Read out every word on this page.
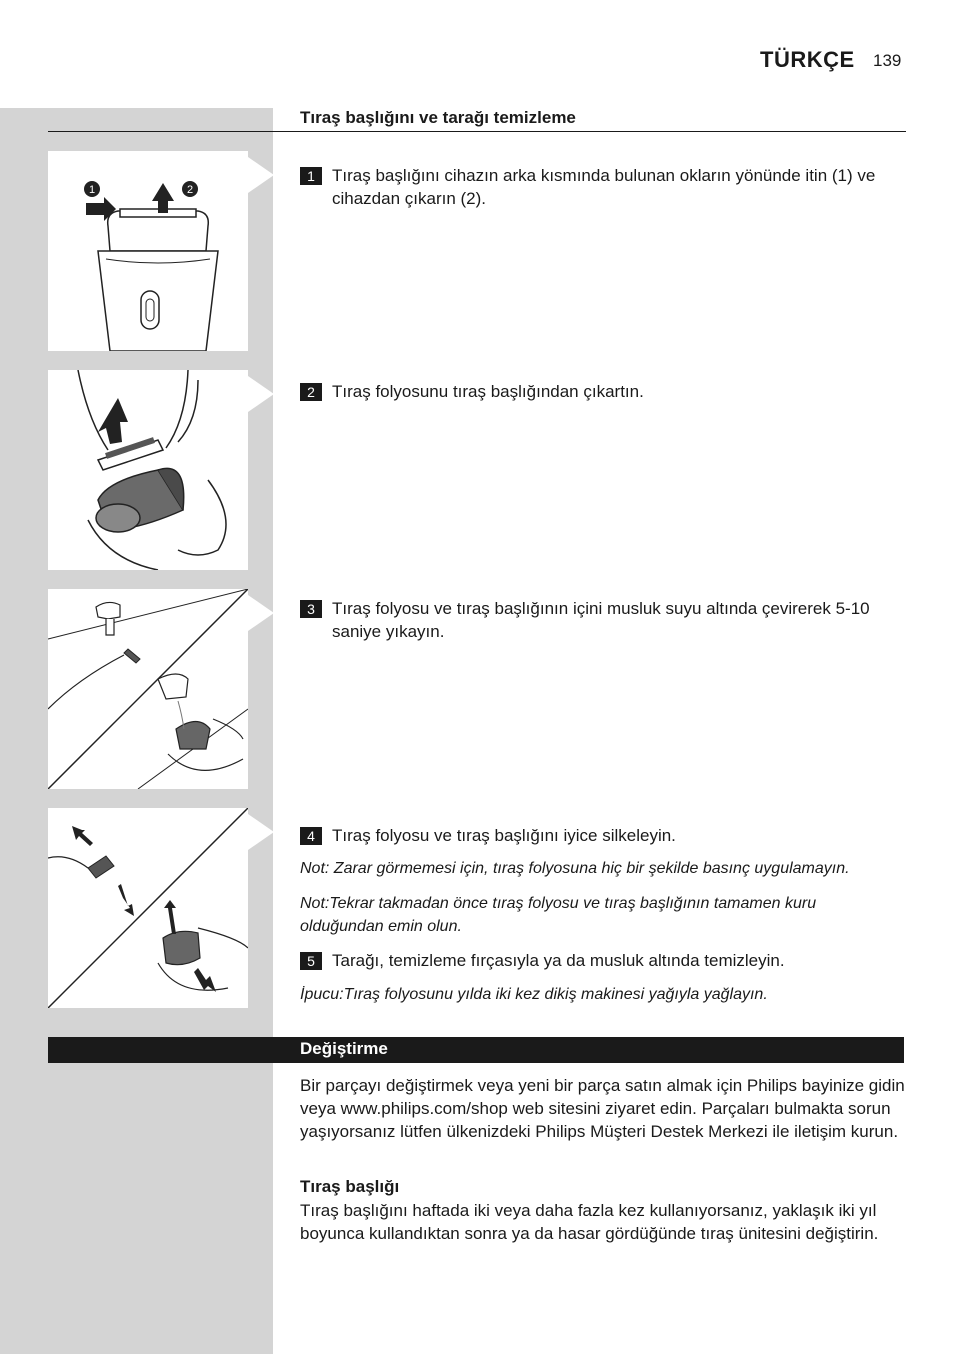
TÜRKÇE 139
Tıraş başlığını ve tarağı temizleme
1	2
1	Tıraş başlığını cihazın arka kısmında bulunan okların yönünde itin (1) ve cihazdan çıkarın (2).
2	Tıraş folyosunu tıraş başlığından çıkartın.
3	Tıraş folyosu ve tıraş başlığının içini musluk suyu altında çevirerek 5-10 saniye yıkayın.
4	Tıraş folyosu ve tıraş başlığını iyice silkeleyin.
Not: Zarar görmemesi için, tıraş folyosuna hiç bir şekilde basınç uygulamayın.
Not:Tekrar takmadan önce tıraş folyosu ve tıraş başlığının tamamen kuru olduğundan emin olun.
5	Tarağı, temizleme fırçasıyla ya da musluk altında temizleyin.
İpucu:Tıraş folyosunu yılda iki kez dikiş makinesi yağıyla yağlayın.
Değiştirme
Bir parçayı değiştirmek veya yeni bir parça satın almak için Philips bayinize gidin veya www.philips.com/shop web sitesini ziyaret edin. Parçaları bulmakta sorun yaşıyorsanız lütfen ülkenizdeki Philips Müşteri Destek Merkezi ile iletişim kurun.
Tıraş başlığı
Tıraş başlığını haftada iki veya daha fazla kez kullanıyorsanız, yaklaşık iki yıl boyunca kullandıktan sonra ya da hasar gördüğünde tıraş ünitesini değiştirin.
